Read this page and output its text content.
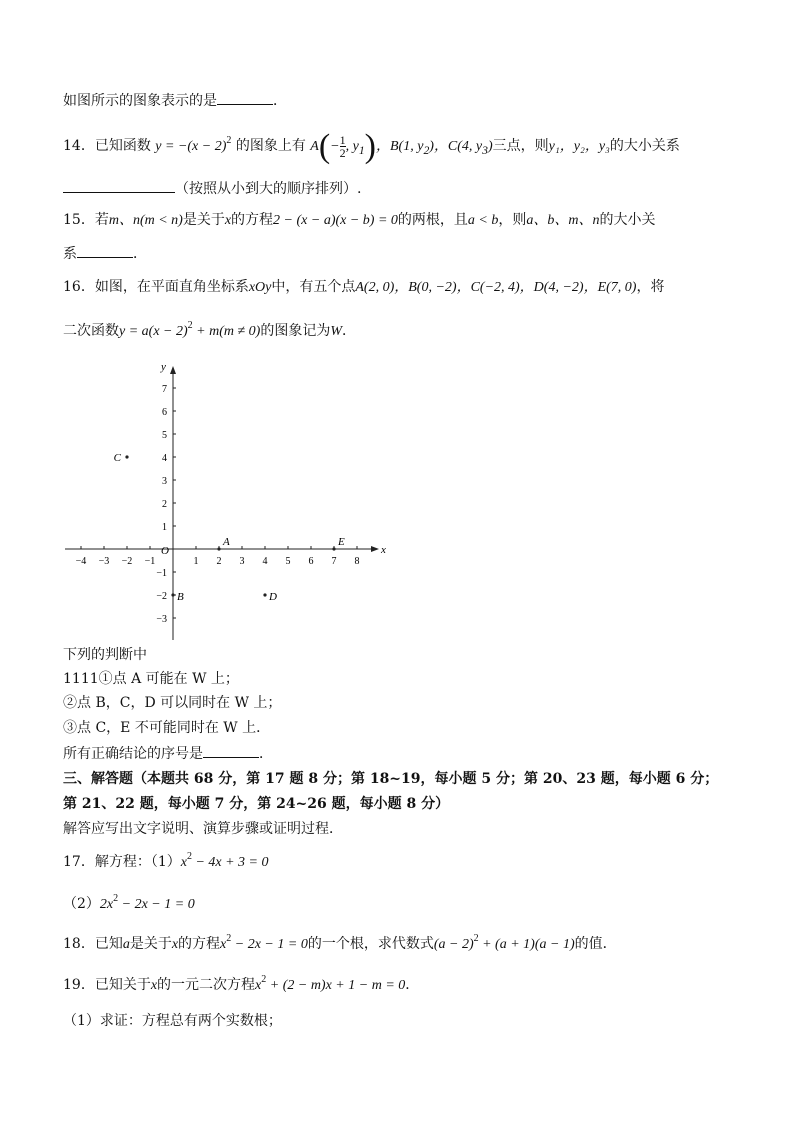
如图所示的图象表示的是	．
14．已知函数 $y = -(x - 2)^2$ 的图象上有 $A(- \frac{1}{2}$ , $y_1$)，B(1, $y_2$)，C(4, $y_3$)三点，则y₁，y₂，y₃的大小关系
（按照从小到大的顺序排列）.
15．若m、n(m < n)是关于x的方程2 − (x − a)(x − b) = 0的两根，且a < b，则a、b、m、n的大小关
系	．
16．如图，在平面直角坐标系xOy中，有五个点A(2, 0)，B(0, −2)，C(−2, 4)，D(4, −2)，E(7, 0)，将
二次函数$y = a(x - 2)^2 + m(m \ne 0)$的图象记为W．
x
y
O
−4 −3 −2 −1	1 2 3 4 5 6 7 8
7
6
5
4
3
2
1
−1
−2
−3
A
B
C
D
E
下列的判断中
1111①点 A 可能在 W 上；
②点 B，C，D 可以同时在 W 上；
③点 C，E 不可能同时在 W 上．
所有正确结论的序号是	．
三、解答题（本题共 68 分，第 17 题 8 分；第 18~19，每小题 5 分；第 20、23 题，每小题 6 分；
第 21、22 题，每小题 7 分，第 24~26 题，每小题 8 分）
解答应写出文字说明、演算步骤或证明过程．
17．解方程：$(1)x^2 - 4x + 3 = 0$
$(2)2x^2 - 2x - 1 = 0$
18．已知a是关于x的方程$x^2 - 2x - 1 = 0$的一个根，求代数式$(a - 2)^2 + (a + 1)(a - 1)$的值．
19．已知关于x的一元二次方程$x^2 + (2 - m)x + 1 - m = 0$．
（1）求证：方程总有两个实数根；
